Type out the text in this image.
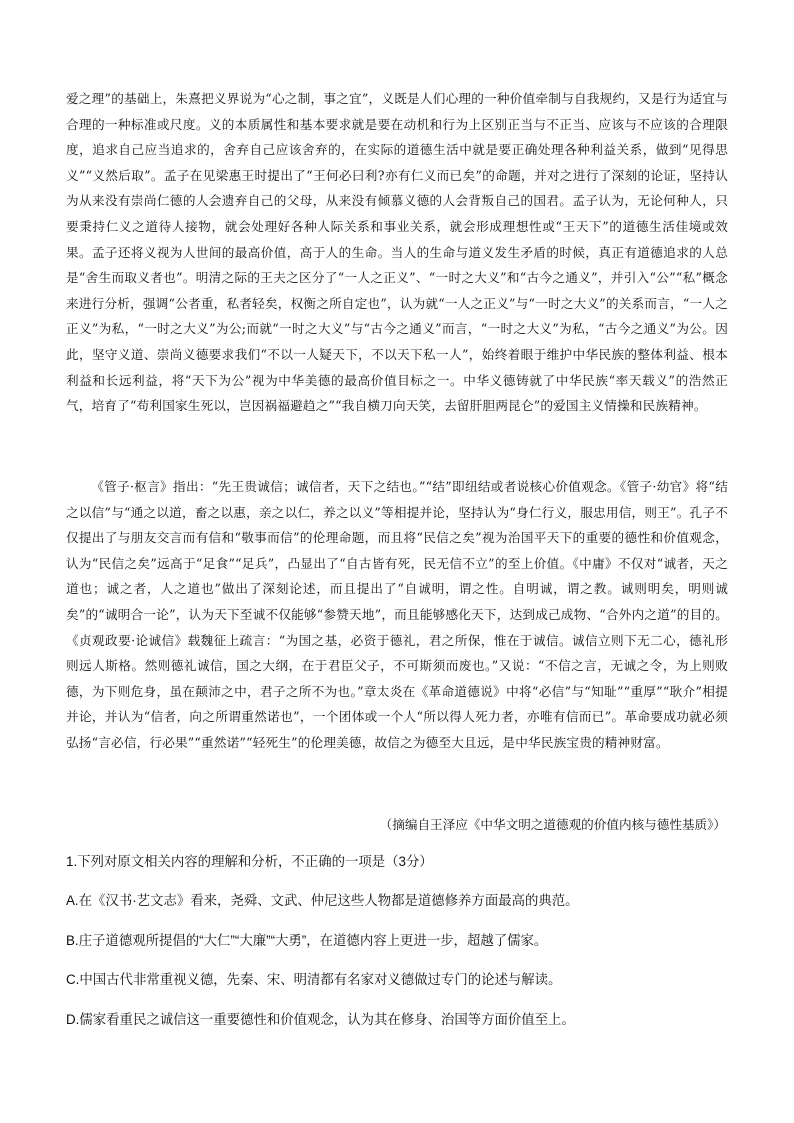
爱之理”的基础上，朱熹把义界说为“心之制，事之宜”，义既是人们心理的一种价值牵制与自我规约，又是行为适宜与合理的一种标准或尺度。义的本质属性和基本要求就是要在动机和行为上区别正当与不正当、应该与不应该的合理限度，追求自己应当追求的，舍弃自己应该舍弃的，在实际的道德生活中就是要正确处理各种利益关系，做到“见得思义”“义然后取”。孟子在见梁惠王时提出了“王何必曰利?亦有仁义而已矣”的命题，并对之进行了深刻的论证，坚持认为从来没有崇尚仁德的人会遗弃自己的父母，从来没有倾慕义德的人会背叛自己的国君。孟子认为，无论何种人，只要秉持仁义之道待人接物，就会处理好各种人际关系和事业关系，就会形成理想性或“王天下”的道德生活佳境或效果。孟子还将义视为人世间的最高价值，高于人的生命。当人的生命与道义发生矛盾的时候，真正有道德追求的人总是“舍生而取义者也”。明清之际的王夫之区分了“一人之正义”、“一时之大义”和“古今之通义”，并引入“公”“私”概念来进行分析，强调“公者重，私者轻矣，权衡之所自定也”，认为就“一人之正义”与“一时之大义”的关系而言，“一人之正义”为私，“一时之大义”为公;而就“一时之大义”与“古今之通义”而言，“一时之大义”为私，“古今之通义”为公。因此，坚守义道、崇尚义德要求我们“不以一人疑天下，不以天下私一人”，始终着眼于维护中华民族的整体利益、根本利益和长远利益，将“天下为公”视为中华美德的最高价值目标之一。中华义德铸就了中华民族“率天载义”的浩然正气，培育了“苟利国家生死以，岂因祸福避趋之”“我自横刀向天笑，去留肝胆两昆仑”的爱国主义情操和民族精神。
《管子·枢言》指出：“先王贵诚信；诚信者，天下之结也。”“结”即纽结或者说核心价值观念。《管子·幼官》将“结之以信”与“通之以道，畜之以惠，亲之以仁，养之以义”等相提并论，坚持认为“身仁行义，服忠用信，则王”。孔子不仅提出了与朋友交言而有信和“敬事而信”的伦理命题，而且将“民信之矣”视为治国平天下的重要的德性和价值观念，认为“民信之矣”远高于“足食”“足兵”，凸显出了“自古皆有死，民无信不立”的至上价值。《中庸》不仅对“诚者，天之道也；诚之者，人之道也”做出了深刻论述，而且提出了“自诚明，谓之性。自明诚，谓之教。诚则明矣，明则诚矣”的“诚明合一论”，认为天下至诚不仅能够“参赞天地”，而且能够感化天下，达到成己成物、“合外内之道”的目的。《贞观政要·论诚信》载魏征上疏言：“为国之基，必资于德礼，君之所保，惟在于诚信。诚信立则下无二心，德礼形则远人斯格。然则德礼诚信，国之大纲，在于君臣父子，不可斯须而废也。”又说：“不信之言，无诚之令，为上则败德，为下则危身，虽在颠沛之中，君子之所不为也。”章太炎在《革命道德说》中将“必信”与“知耻”“重厚”“耿介”相提并论，并认为“信者，向之所谓重然诺也”，一个团体或一个人“所以得人死力者，亦唯有信而已”。革命要成功就必须弘扬“言必信，行必果”“重然诺”“轻死生”的伦理美德，故信之为德至大且远，是中华民族宝贵的精神财富。
（摘编自王泽应《中华文明之道德观的价值内核与德性基质》）
1.下列对原文相关内容的理解和分析，不正确的一项是（3分）
A.在《汉书·艺文志》看来，尧舜、文武、仲尼这些人物都是道德修养方面最高的典范。
B.庄子道德观所提倡的“大仁”“大廉”“大勇”，在道德内容上更进一步，超越了儒家。
C.中国古代非常重视义德，先秦、宋、明清都有名家对义德做过专门的论述与解读。
D.儒家看重民之诚信这一重要德性和价值观念，认为其在修身、治国等方面价值至上。
